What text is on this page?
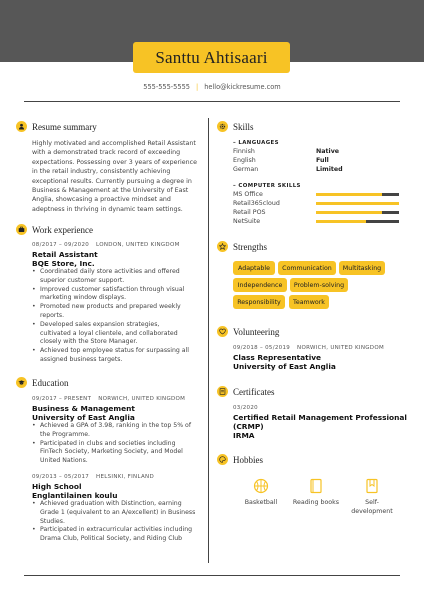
Santtu Ahtisaari
555-555-5555 | hello@kickresume.com
Resume summary
Highly motivated and accomplished Retail Assistant with a demonstrated track record of exceeding expectations. Possessing over 3 years of experience in the retail industry, consistently achieving exceptional results. Currently pursuing a degree in Business & Management at the University of East Anglia, showcasing a proactive mindset and adeptness in thriving in dynamic team settings.
Work experience
08/2017 – 09/2020 LONDON, UNITED KINGDOM
Retail Assistant
BQE Store, Inc.
• Coordinated daily store activities and offered superior customer support.
• Improved customer satisfaction through visual marketing window displays.
• Promoted new products and prepared weekly reports.
• Developed sales expansion strategies, cultivated a loyal clientele, and collaborated closely with the Store Manager.
• Achieved top employee status for surpassing all assigned business targets.
Education
09/2017 – PRESENT NORWICH, UNITED KINGDOM
Business & Management
University of East Anglia
• Achieved a GPA of 3.98, ranking in the top 5% of the Programme.
• Participated in clubs and societies including FinTech Society, Marketing Society, and Model United Nations.
09/2013 – 05/2017 HELSINKI, FINLAND
High School
Englantilainen koulu
• Achieved graduation with Distinction, earning Grade 1 (equivalent to an A/excellent) in Business Studies.
• Participated in extracurricular activities including Drama Club, Political Society, and Riding Club
Skills
– LANGUAGES
Finnish	Native
English	Full
German	Limited
– COMPUTER SKILLS
MS Office
Retail365cloud
Retail POS
NetSuite
Strengths
Adaptable	Communication	Multitasking
Independence	Problem-solving
Responsibility	Teamwork
Volunteering
09/2018 – 05/2019 NORWICH, UNITED KINGDOM
Class Representative
University of East Anglia
Certificates
03/2020
Certified Retail Management Professional
(CRMP)
IRMA
Hobbies
Basketball	Reading books	Self-
development
